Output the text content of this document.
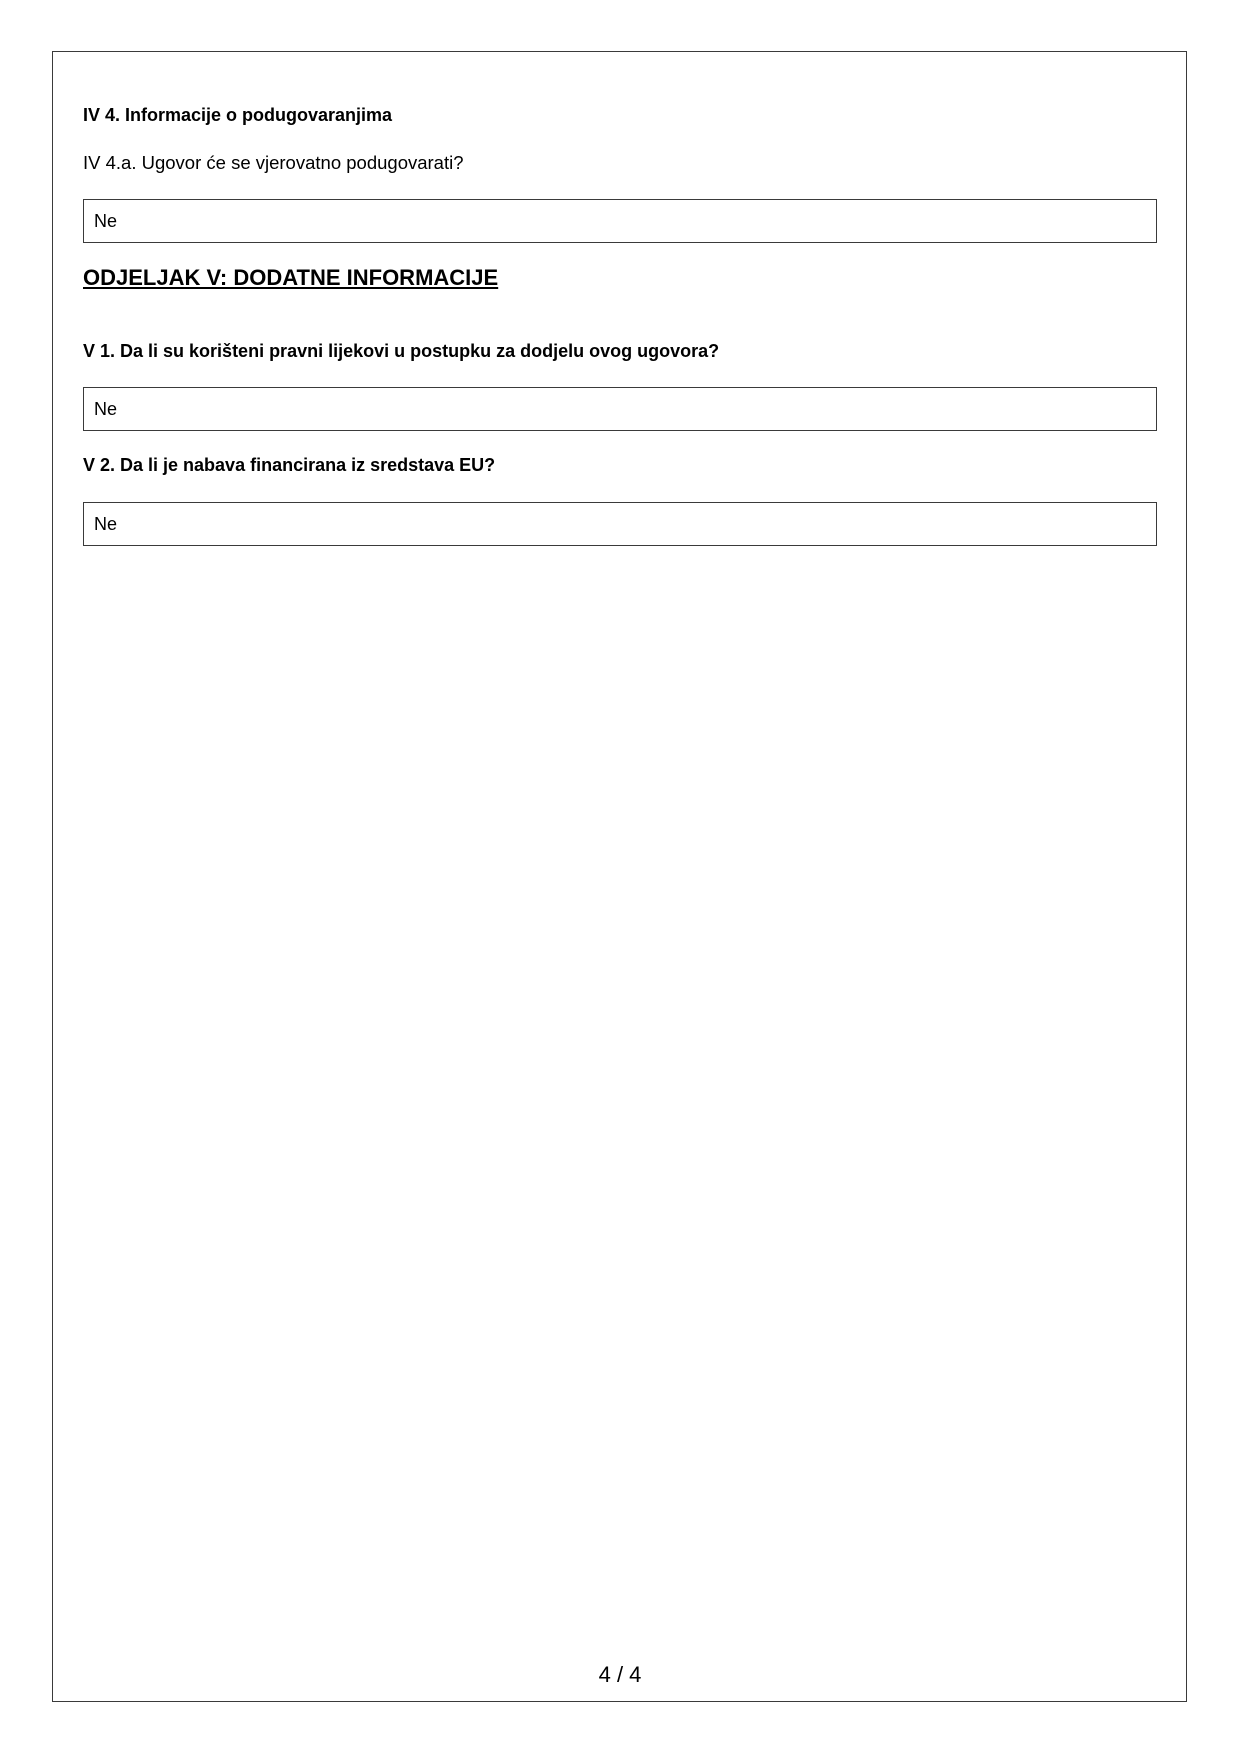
IV 4. Informacije o podugovaranjima

IV 4.a. Ugovor će se vjerovatno podugovarati?

Ne

ODJELJAK V: DODATNE INFORMACIJE

V 1. Da li su korišteni pravni lijekovi u postupku za dodjelu ovog ugovora?

Ne

V 2. Da li je nabava financirana iz sredstava EU?

Ne
4 / 4
